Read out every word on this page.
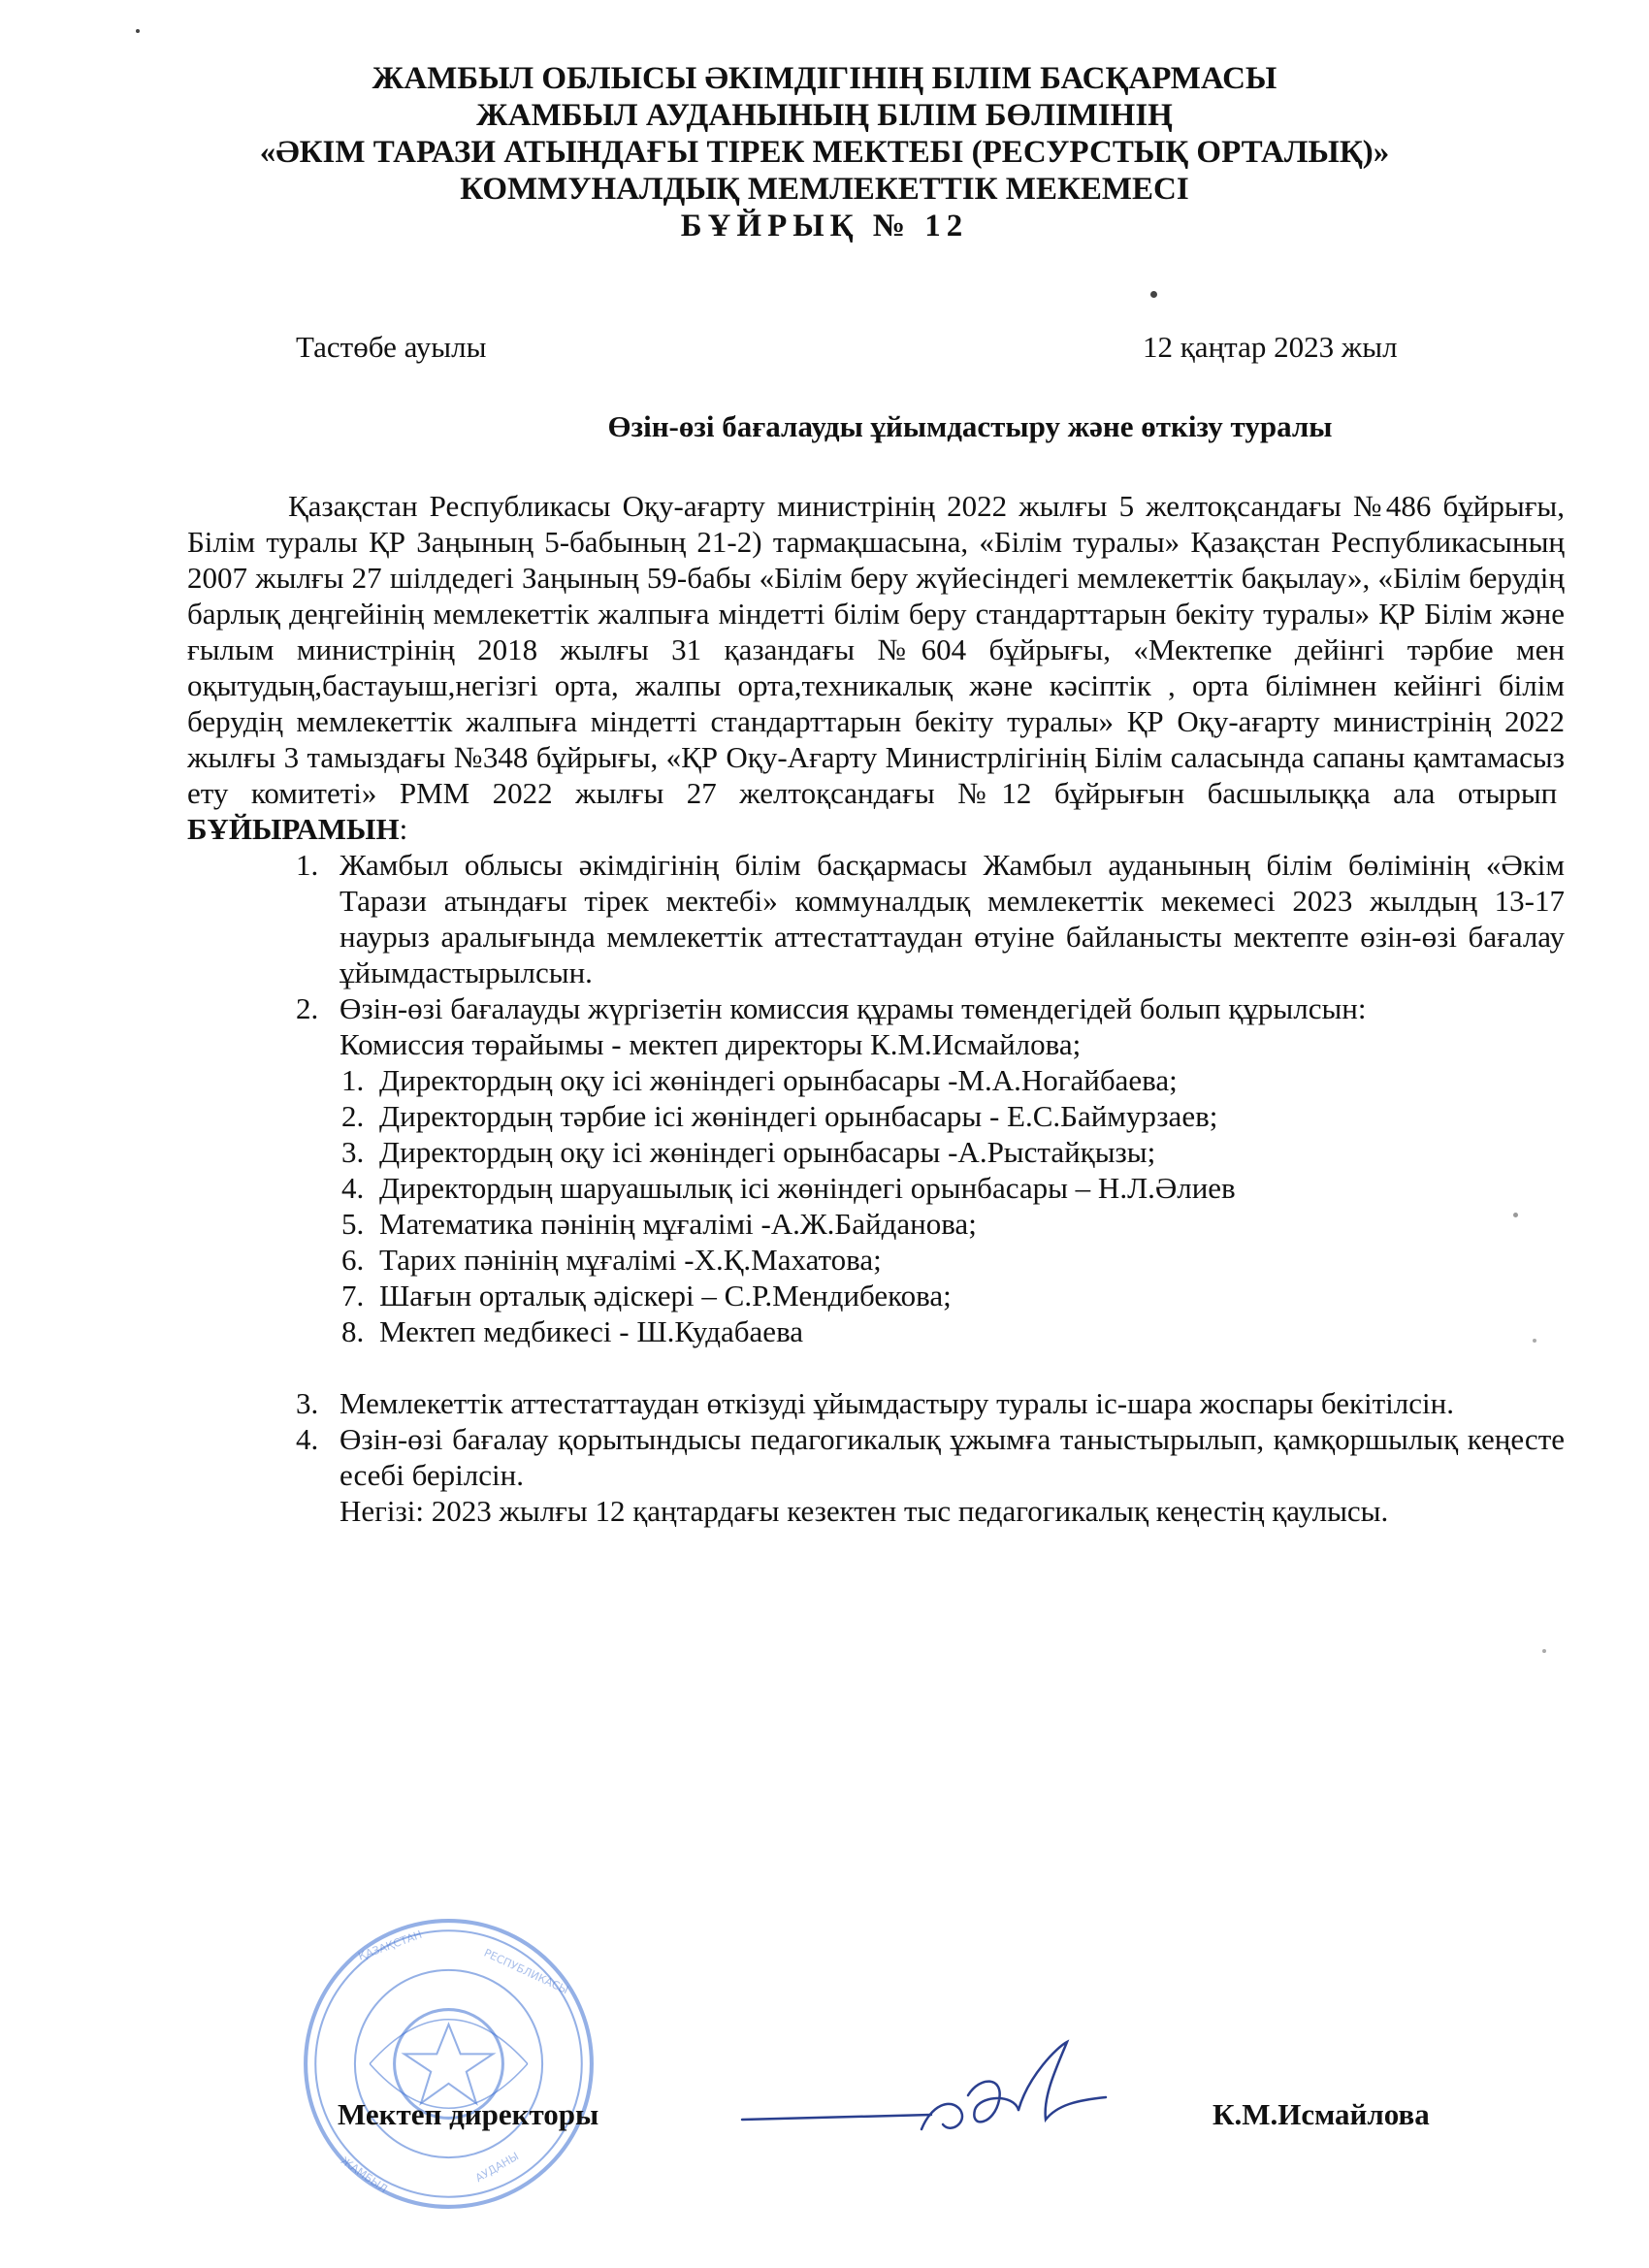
ЖАМБЫЛ ОБЛЫСЫ ӘКІМДІГІНІҢ БІЛІМ БАСҚАРМАСЫ
ЖАМБЫЛ АУДАНЫНЫҢ БІЛІМ БӨЛІМІНІҢ
«ӘКІМ ТАРАЗИ АТЫНДАҒЫ ТІРЕК МЕКТЕБІ (РЕСУРСТЫҚ ОРТАЛЫҚ)»
КОММУНАЛДЫҚ МЕМЛЕКЕТТІК МЕКЕМЕСІ
БҰЙРЫҚ № 12
Тастөбе ауылы	12 қаңтар 2023 жыл
Өзін-өзі бағалауды ұйымдастыру және өткізу туралы

Қазақстан Республикасы Оқу-ағарту министрінің 2022 жылғы 5 желтоқсандағы №486 бұйрығы, Білім туралы ҚР Заңының 5-бабының 21-2) тармақшасына, «Білім туралы» Қазақстан Республикасының 2007 жылғы 27 шілдедегі Заңының 59-бабы «Білім беру жүйесіндегі мемлекеттік бақылау», «Білім берудің барлық деңгейінің мемлекеттік жалпыға міндетті білім беру стандарттарын бекіту туралы» ҚР Білім және ғылым министрінің 2018 жылғы 31 қазандағы №604 бұйрығы, «Мектепке дейінгі тәрбие мен оқытудың,бастауыш,негізгі орта, жалпы орта,техникалық және кәсіптік , орта білімнен кейінгі білім берудің мемлекеттік жалпыға міндетті стандарттарын бекіту туралы» ҚР Оқу-ағарту министрінің 2022 жылғы 3 тамыздағы №348 бұйрығы, «ҚР Оқу-Ағарту Министрлігінің Білім саласында сапаны қамтамасыз ету комитеті» РММ 2022 жылғы 27 желтоқсандағы №12 бұйрығын басшылыққа ала отырып  БҰЙЫРАМЫН:

1. Жамбыл облысы әкімдігінің білім басқармасы Жамбыл ауданының білім бөлімінің «Әкім Тарази атындағы тірек мектебі» коммуналдық мемлекеттік мекемесі 2023 жылдың 13-17 наурыз аралығында мемлекеттік аттестаттаудан өтуіне байланысты мектепте өзін-өзі бағалау ұйымдастырылсын.
2. Өзін-өзі бағалауды жүргізетін комиссия құрамы төмендегідей болып құрылсын:

Комиссия төрайымы - мектеп директоры К.М.Исмайлова;

1. Директордың оқу ісі жөніндегі орынбасары -М.А.Ногайбаева;
2. Директордың тәрбие ісі жөніндегі орынбасары - Е.С.Баймурзаев;
3. Директордың оқу ісі жөніндегі орынбасары -А.Рыстайқызы;
4. Директордың шаруашылық ісі жөніндегі орынбасары – Н.Л.Әлиев
5. Математика пәнінің мұғалімі -А.Ж.Байданова;
6. Тарих пәнінің мұғалімі -Х.Қ.Махатова;
7. Шағын орталық әдіскері – С.Р.Мендибекова;
8. Мектеп медбикесі - Ш.Кудабаева
3. Мемлекеттік аттестаттаудан өткізуді ұйымдастыру туралы іс-шара жоспары бекітілсін.
4. Өзін-өзі бағалау қорытындысы педагогикалық ұжымға таныстырылып, қамқоршылық кеңесте есебі берілсін.

Негізі: 2023 жылғы 12 қаңтардағы кезектен тыс педагогикалық кеңестің қаулысы.

ҚАЗАҚСТАН
РЕСПУБЛИКАСЫ
ЖАМБЫЛ	АУДАНЫ
Мектеп директоры	К.М.Исмайлова
